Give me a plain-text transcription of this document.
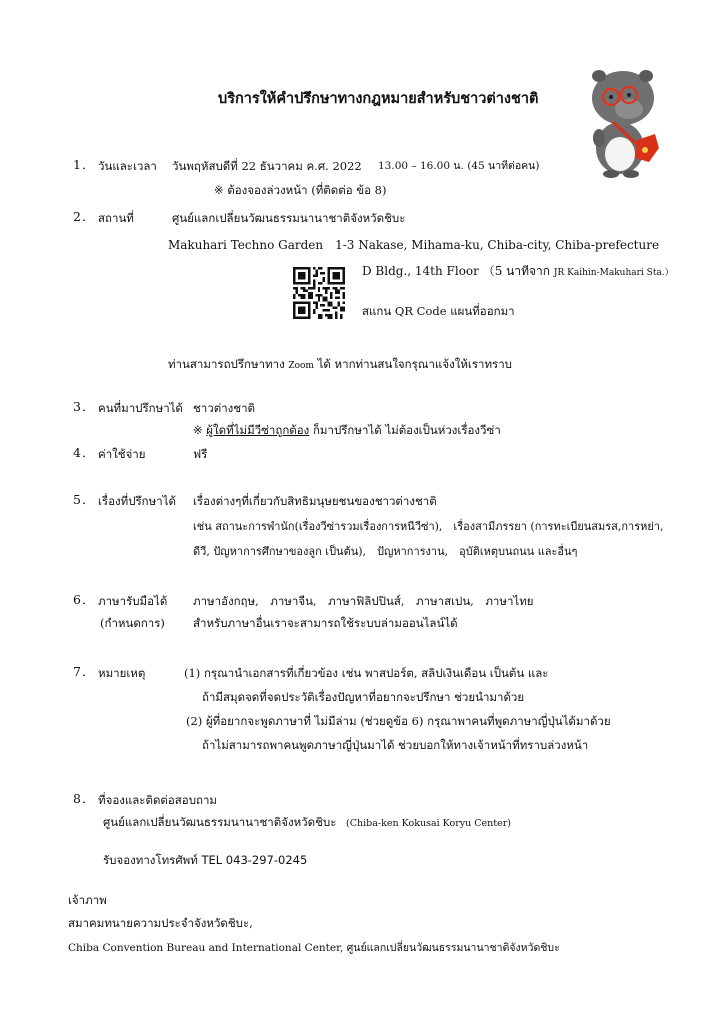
บริการให้คำปรึกษาทางกฎหมายสำหรับชาวต่างชาติ
1． วันและเวลา วันพฤหัสบดีที่ 22 ธันวาคม ค.ศ. 2022 13.00 – 16.00 น. (45 นาทีต่อคน)
※ ต้องจองล่วงหน้า (ที่ติดต่อ ข้อ 8)
2． สถานที่	ศูนย์แลกเปลี่ยนวัฒนธรรมนานาชาติจังหวัดชิบะ
Makuhari Techno Garden　1-3 Nakase, Mihama-ku, Chiba-city, Chiba-prefecture
D Bldg., 14th Floor （5 นาทีจาก JR Kaihin-Makuhari Sta.）
สแกน QR Code แผนที่ออกมา
ท่านสามารถปรึกษาทาง Zoom ได้ หากท่านสนใจกรุณาแจ้งให้เราทราบ
3． คนที่มาปรึกษาได้ ชาวต่างชาติ
※ ผู้ใดที่ไม่มีวีซ่าถูกต้อง ก็มาปรึกษาได้ ไม่ต้องเป็นห่วงเรื่องวีซ่า
4． ค่าใช้จ่าย	ฟรี
5． เรื่องที่ปรึกษาได้ เรื่องต่างๆที่เกี่ยวกับสิทธิมนุษยชนของชาวต่างชาติ
เช่น สถานะการพำนัก(เรื่องวีซ่ารวมเรื่องการหนีวีซ่า),　เรื่องสามีภรรยา (การทะเบียนสมรส,การหย่า,
ดีวี, ปัญหาการศึกษาของลูก เป็นต้น),　ปัญหาการงาน,　อุบัติเหตุบนถนน และอื่นๆ
6． ภาษารับมือได้
(กำหนดการ)
ภาษาอังกฤษ,　ภาษาจีน,　ภาษาฟิลิปปินส์,　ภาษาสเปน,　ภาษาไทย
สำหรับภาษาอื่นเราจะสามารถใช้ระบบล่ามออนไลน์ได้
7． หมายเหตุ	(1) กรุณานำเอกสารที่เกี่ยวข้อง เช่น พาสปอร์ต, สลิปเงินเดือน เป็นต้น และ
ถ้ามีสมุดจดที่จดประวัติเรื่องปัญหาที่อยากจะปรึกษา ช่วยนำมาด้วย
(2) ผู้ที่อยากจะพูดภาษาที่ ไม่มีล่าม (ช่วยดูข้อ 6) กรุณาพาคนที่พูดภาษาญี่ปุ่นได้มาด้วย
ถ้าไม่สามารถพาคนพูดภาษาญี่ปุ่นมาได้ ช่วยบอกให้ทางเจ้าหน้าที่ทราบล่วงหน้า
8． ที่จองและติดต่อสอบถาม
ศูนย์แลกเปลี่ยนวัฒนธรรมนานาชาติจังหวัดชิบะ (Chiba-ken Kokusai Koryu Center)
รับจองทางโทรศัพท์ TEL 043-297-0245
เจ้าภาพ
สมาคมทนายความประจำจังหวัดชิบะ,
Chiba Convention Bureau and International Center, ศูนย์แลกเปลี่ยนวัฒนธรรมนานาชาติจังหวัดชิบะ
